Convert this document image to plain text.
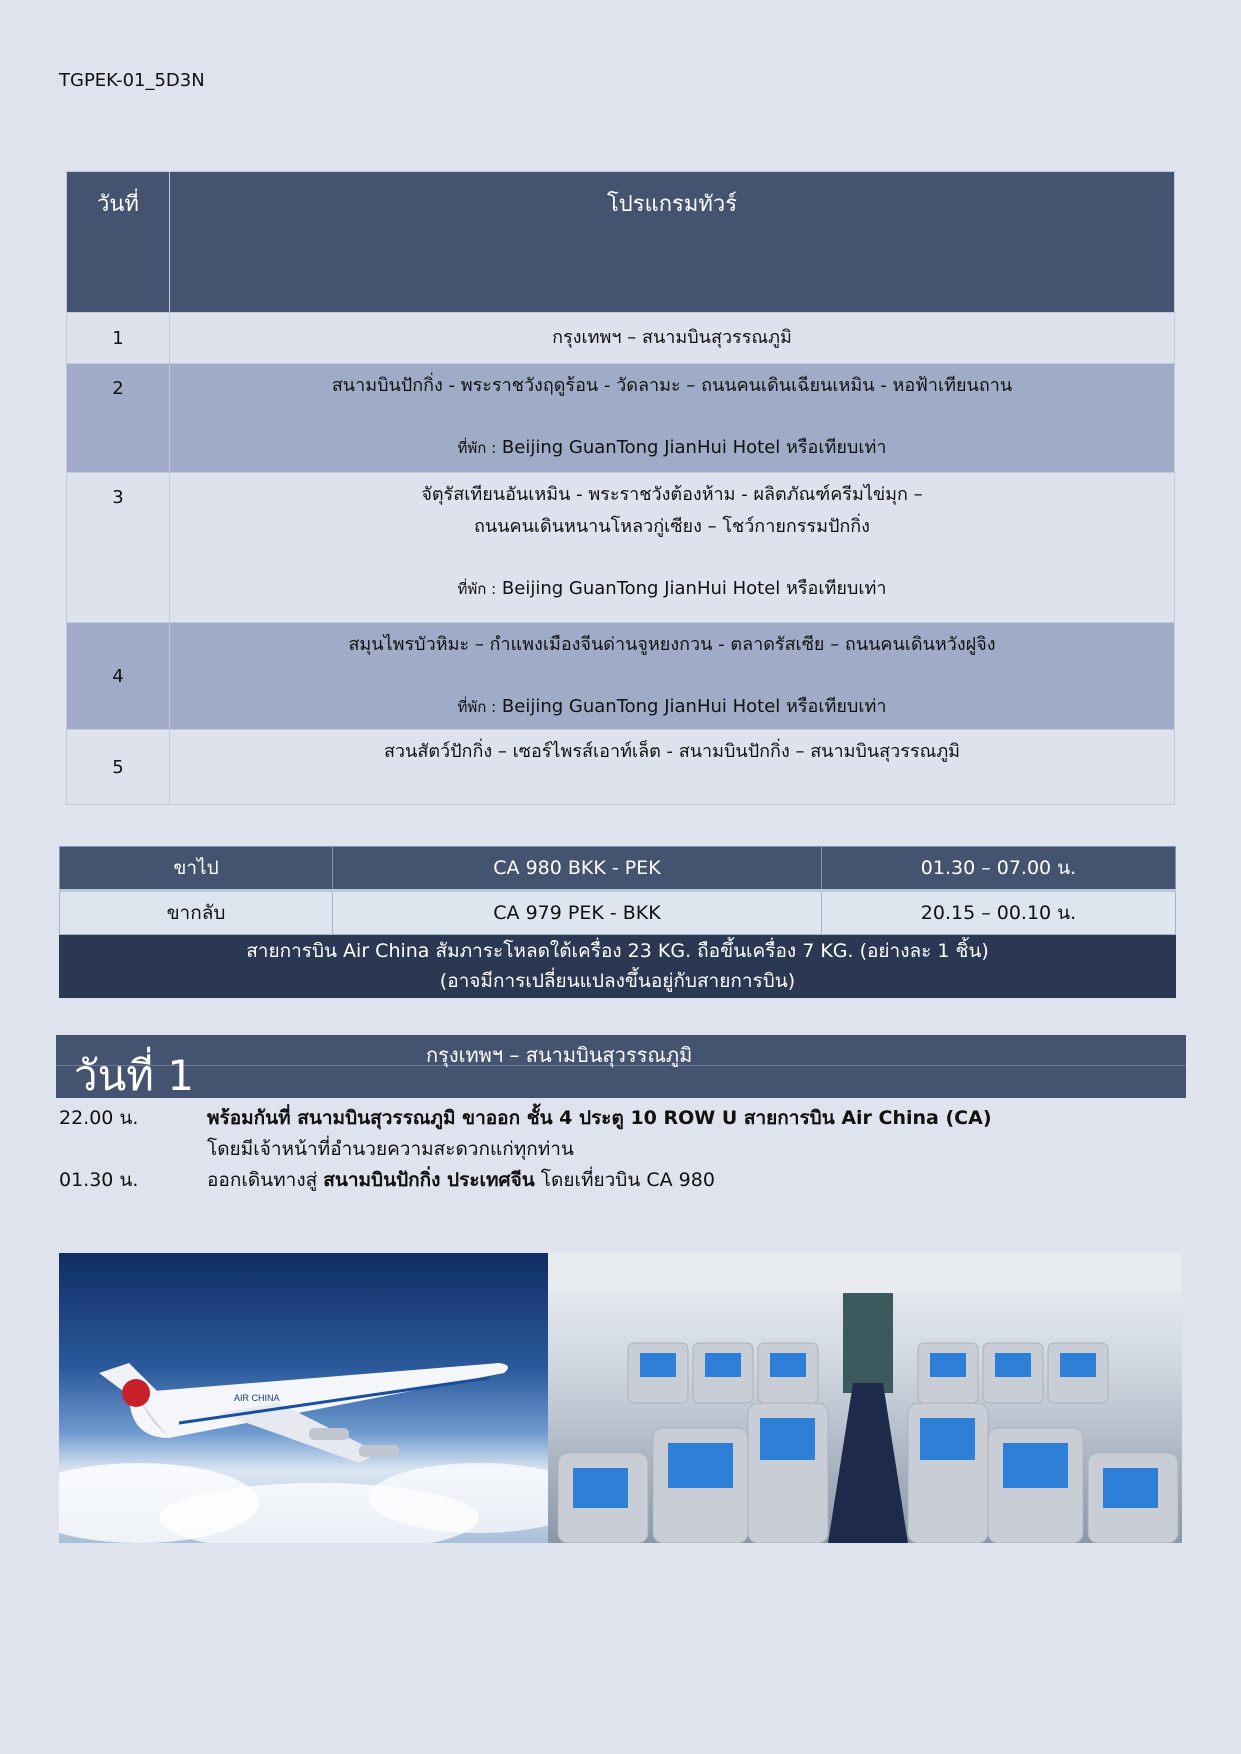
TGPEK-01_5D3N
วันที่	โปรแกรมทัวร์
1	กรุงเทพฯ – สนามบินสุวรรณภูมิ
2	สนามบินปักกิ่ง - พระราชวังฤดูร้อน - วัดลามะ – ถนนคนเดินเฉียนเหมิน - หอฟ้าเทียนถาน
ที่พัก : Beijing GuanTong JianHui Hotel หรือเทียบเท่า

3	จัตุรัสเทียนอันเหมิน - พระราชวังต้องห้าม - ผลิตภัณฑ์ครีมไข่มุก –
ถนนคนเดินหนานโหลวกู่เซียง – โชว์กายกรรมปักกิ่ง
ที่พัก : Beijing GuanTong JianHui Hotel หรือเทียบเท่า

4	สมุนไพรบัวหิมะ – กำแพงเมืองจีนด่านจูหยงกวน - ตลาดรัสเซีย – ถนนคนเดินหวังฝูจิง
ที่พัก : Beijing GuanTong JianHui Hotel หรือเทียบเท่า

5	สวนสัตว์ปักกิ่ง – เซอร์ไพรส์เอาท์เล็ต - สนามบินปักกิ่ง – สนามบินสุวรรณภูมิ
ขาไป	CA 980 BKK - PEK	01.30 – 07.00 น.
ขากลับ	CA 979 PEK - BKK	20.15 – 00.10 น.
สายการบิน Air China สัมภาระโหลดใต้เครื่อง 23 KG. ถือขึ้นเครื่อง 7 KG. (อย่างละ 1 ชิ้น)
(อาจมีการเปลี่ยนแปลงขึ้นอยู่กับสายการบิน)		
วันที่ 1	กรุงเทพฯ – สนามบินสุวรรณภูมิ
22.00 น.	พร้อมกันที่ สนามบินสุวรรณภูมิ ขาออก ชั้น 4 ประตู 10 ROW U สายการบิน Air China (CA)
โดยมีเจ้าหน้าที่อำนวยความสะดวกแก่ทุกท่าน
01.30 น.	ออกเดินทางสู่ สนามบินปักกิ่ง ประเทศจีน โดยเที่ยวบิน CA 980
AIR CHINA
